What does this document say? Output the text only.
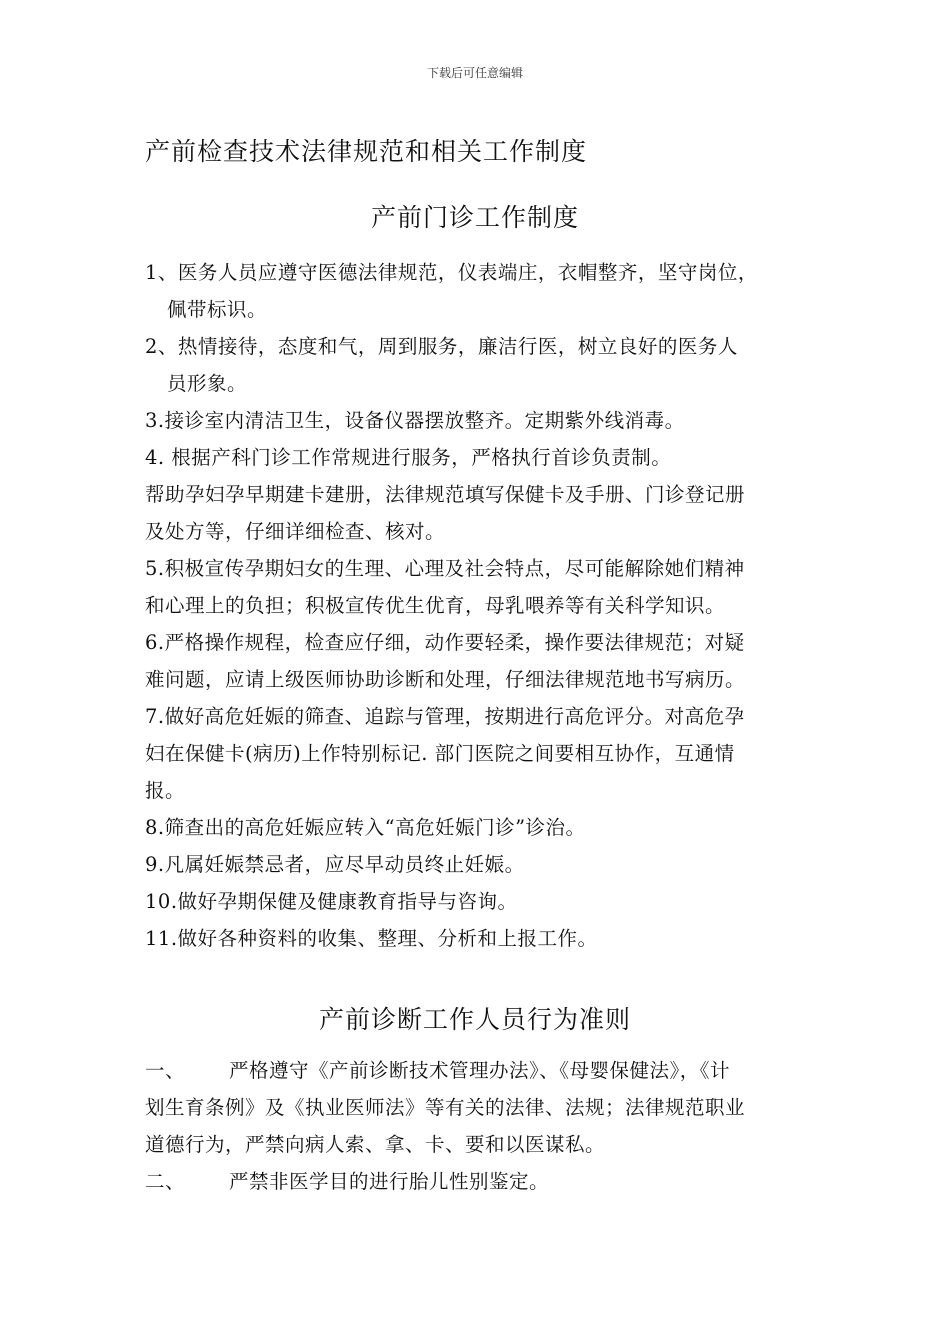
下载后可任意编辑
产前检查技术法律规范和相关工作制度
产前门诊工作制度
1、医务人员应遵守医德法律规范，仪表端庄，衣帽整齐，坚守岗位，
佩带标识。
2、热情接待，态度和气，周到服务，廉洁行医，树立良好的医务人
员形象。
3.接诊室内清洁卫生，设备仪器摆放整齐。定期紫外线消毒。
4. 根据产科门诊工作常规进行服务，严格执行首诊负责制。
帮助孕妇孕早期建卡建册，法律规范填写保健卡及手册、门诊登记册
及处方等，仔细详细检查、核对。
5.积极宣传孕期妇女的生理、心理及社会特点，尽可能解除她们精神
和心理上的负担；积极宣传优生优育，母乳喂养等有关科学知识。
6.严格操作规程，检查应仔细，动作要轻柔，操作要法律规范；对疑
难问题，应请上级医师协助诊断和处理，仔细法律规范地书写病历。
7.做好高危妊娠的筛查、追踪与管理，按期进行高危评分。对高危孕
妇在保健卡(病历)上作特别标记. 部门医院之间要相互协作，互通情
报。
8.筛查出的高危妊娠应转入“高危妊娠门诊”诊治。
9.凡属妊娠禁忌者，应尽早动员终止妊娠。
10.做好孕期保健及健康教育指导与咨询。
11.做好各种资料的收集、整理、分析和上报工作。
产前诊断工作人员行为准则
一、 严格遵守《产前诊断技术管理办法》、《母婴保健法》，《计
划生育条例》及《执业医师法》等有关的法律、法规；法律规范职业
道德行为，严禁向病人索、拿、卡、要和以医谋私。
二、 严禁非医学目的进行胎儿性别鉴定。
